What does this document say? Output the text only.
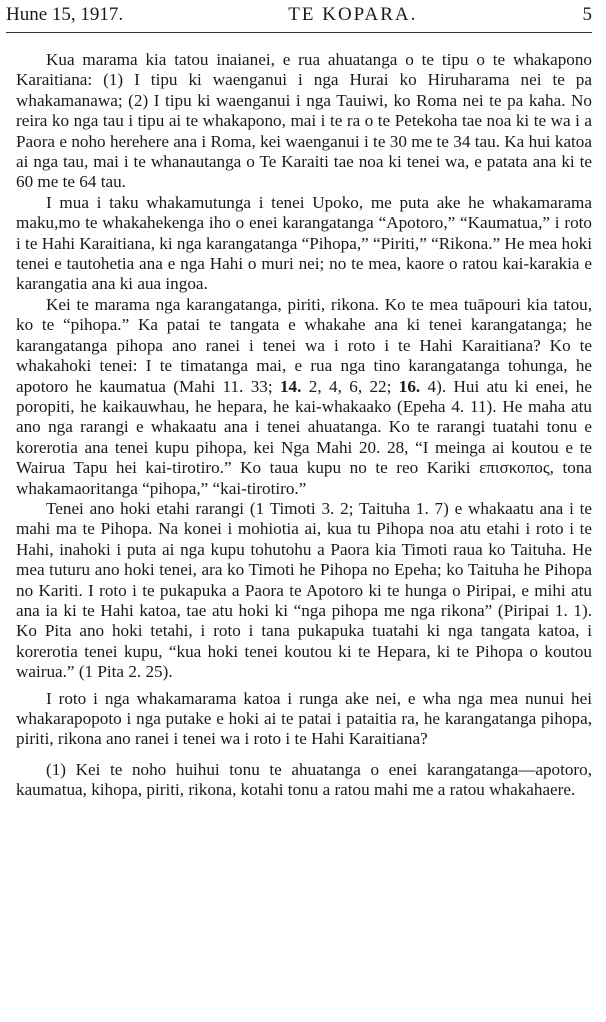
Hune 15, 1917.	TE KOPARA.	5

Kua marama kia tatou inaianei, e rua ahuatanga o te tipu o te whakapono Karaitiana: (1) I tipu ki waenganui i nga Hurai ko Hiruharama nei te pa whakamanawa; (2) I tipu ki waenganui i nga Tauiwi, ko Roma nei te pa kaha. No reira ko nga tau i tipu ai te whakapono, mai i te ra o te Petekoha tae noa ki te wa i a Paora e noho herehere ana i Roma, kei waenganui i te 30 me te 34 tau. Ka hui katoa ai nga tau, mai i te whanautanga o Te Karaiti tae noa ki tenei wa, e patata ana ki te 60 me te 64 tau.

I mua i taku whakamutunga i tenei Upoko, me puta ake he whakamarama maku,mo te whakahekenga iho o enei karangatanga “Apotoro,” “Kaumatua,” i roto i te Hahi Karaitiana, ki nga karangatanga “Pihopa,” “Piriti,” “Rikona.” He mea hoki tenei e tautohetia ana e nga Hahi o muri nei; no te mea, kaore o ratou kai-karakia e karangatia ana ki aua ingoa.

Kei te marama nga karangatanga, piriti, rikona. Ko te mea tuāpouri kia tatou, ko te “pihopa.” Ka patai te tangata e whakahe ana ki tenei karangatanga; he karangatanga pihopa ano ranei i tenei wa i roto i te Hahi Karaitiana? Ko te whakahoki tenei: I te timatanga mai, e rua nga tino karangatanga tohunga, he apotoro he kaumatua (Mahi 11. 33; 14. 2, 4, 6, 22; 16. 4). Hui atu ki enei, he poropiti, he kaikauwhau, he hepara, he kai-whakaako (Epeha 4. 11). He maha atu ano nga rarangi e whakaatu ana i tenei ahuatanga. Ko te rarangi tuatahi tonu e korerotia ana tenei kupu pihopa, kei Nga Mahi 20. 28, “I meinga ai koutou e te Wairua Tapu hei kai-tirotiro.” Ko taua kupu no te reo Kariki επισκοπος, tona whakamaoritanga “pihopa,” “kai-tirotiro.”

Tenei ano hoki etahi rarangi (1 Timoti 3. 2; Taituha 1. 7) e whakaatu ana i te mahi ma te Pihopa. Na konei i mohiotia ai, kua tu Pihopa noa atu etahi i roto i te Hahi, inahoki i puta ai nga kupu tohutohu a Paora kia Timoti raua ko Taituha. He mea tuturu ano hoki tenei, ara ko Timoti he Pihopa no Epeha; ko Taituha he Pihopa no Kariti. I roto i te pukapuka a Paora te Apotoro ki te hunga o Piripai, e mihi atu ana ia ki te Hahi katoa, tae atu hoki ki “nga pihopa me nga rikona” (Piripai 1. 1). Ko Pita ano hoki tetahi, i roto i tana pukapuka tuatahi ki nga tangata katoa, i korerotia tenei kupu, “kua hoki tenei koutou ki te Hepara, ki te Pihopa o koutou wairua.” (1 Pita 2. 25).

I roto i nga whakamarama katoa i runga ake nei, e wha nga mea nunui hei whakarapopoto i nga putake e hoki ai te patai i pataitia ra, he karangatanga pihopa, piriti, rikona ano ranei i tenei wa i roto i te Hahi Karaitiana?

(1) Kei te noho huihui tonu te ahuatanga o enei karangatanga—apotoro, kaumatua, kihopa, piriti, rikona, kotahi tonu a ratou mahi me a ratou whakahaere.
